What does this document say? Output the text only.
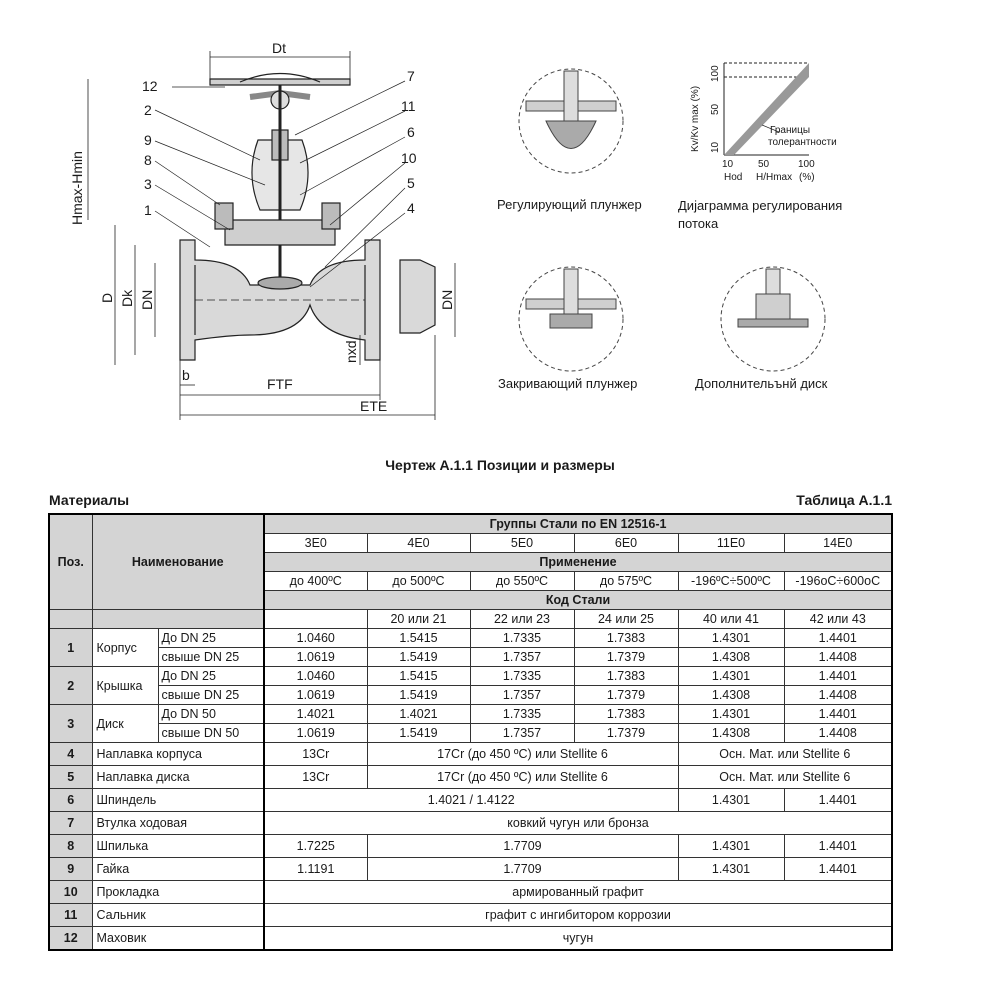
Dt
Hmax-Hmin
D Dk DN	DN
nxd
b
FTF
ETE
12
2
9
8
3
1
7
11
6
10
5
4
Kv/Kv max (%)
100
50
10
10 50	100
Hod H/Hmax (%)
Границы
толерантности
Регулирующий плунжер	Дијаграмма регулирования
потока
Закривающий плунжер	Дополнительънй диск
Чертеж А.1.1 Позиции и размеры
Материалы	Таблица А.1.1
Поз.	Наименование		Группы Стали по EN 12516-1					
			3E0	4E0	5E0	6E0	11E0	14E0
			Применение					
			до 400ºC	до 500ºC	до 550ºC	до 575ºC	-196ºC÷500ºC	-196oC÷600oC
			Код Стали					
				20 или 21	22 или 23	24 или 25	40 или 41	42 или 43
1	Корпус	До DN 25	1.0460	1.5415	1.7335	1.7383	1.4301	1.4401
		свыше DN 25	1.0619	1.5419	1.7357	1.7379	1.4308	1.4408
2	Крышка	До DN 25	1.0460	1.5415	1.7335	1.7383	1.4301	1.4401
		свыше DN 25	1.0619	1.5419	1.7357	1.7379	1.4308	1.4408
3	Диск	До DN 50	1.4021	1.4021	1.7335	1.7383	1.4301	1.4401
		свыше DN 50	1.0619	1.5419	1.7357	1.7379	1.4308	1.4408
4	Наплавка корпуса		13Cr	17Cr (до 450 ºC) или Stellite 6			Осн. Мат. или Stellite 6	
5	Наплавка диска		13Cr	17Cr (до 450 ºC) или Stellite 6			Осн. Мат. или Stellite 6	
6	Шпиндель		1.4021 / 1.4122				1.4301	1.4401
7	Втулка ходовая		ковкий чугун или бронза					
8	Шпилька		1.7225	1.7709			1.4301	1.4401
9	Гайка		1.1191	1.7709			1.4301	1.4401
10	Прокладка		армированный графит					
11	Сальник		графит с ингибитором коррозии					
12	Маховик		чугун					
